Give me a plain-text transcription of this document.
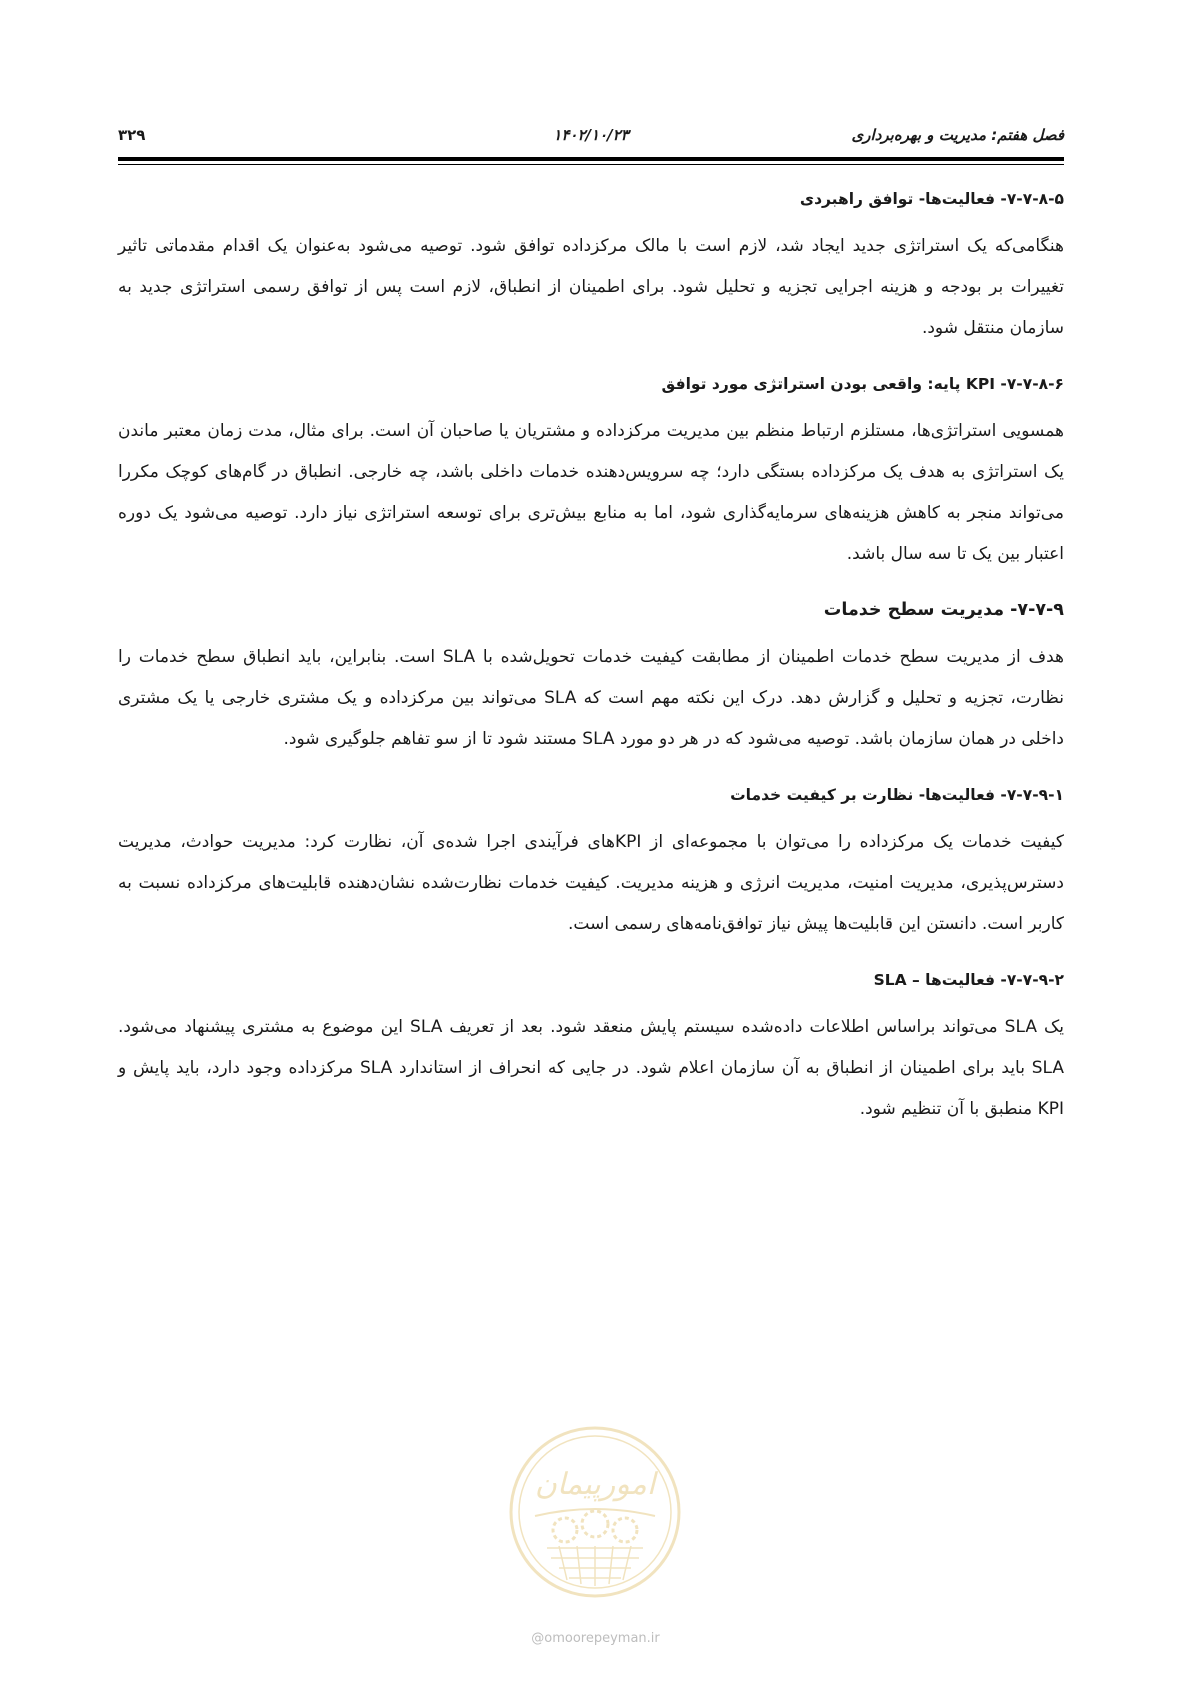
فصل هفتم: مدیریت و بهره‌برداری
۱۴۰۲/۱۰/۲۳
۳۲۹
۷-۷-۸-۵- فعالیت‌ها- توافق راهبردی

هنگامی‌که یک استراتژی جدید ایجاد شد، لازم است با مالک مرکزداده توافق شود. توصیه می‌شود به‌عنوان یک اقدام مقدماتی تاثیر تغییرات بر بودجه و هزینه اجرایی تجزیه و تحلیل شود. برای اطمینان از انطباق، لازم است پس از توافق رسمی استراتژی جدید به سازمان منتقل شود.

۷-۷-۸-۶- KPI پایه: واقعی بودن استراتژی مورد توافق

همسویی استراتژی‌ها، مستلزم ارتباط منظم بین مدیریت مرکزداده و مشتریان یا صاحبان آن است. برای مثال، مدت زمان معتبر ماندن یک استراتژی به هدف یک مرکزداده بستگی دارد؛ چه سرویس‌دهنده خدمات داخلی باشد، چه خارجی. انطباق در گام‌های کوچک مکررا می‌تواند منجر به کاهش هزینه‌های سرمایه‌گذاری شود، اما به منابع بیش‌تری برای توسعه استراتژی نیاز دارد. توصیه می‌شود یک دوره اعتبار بین یک تا سه سال باشد.

۷-۷-۹- مدیریت سطح خدمات

هدف از مدیریت سطح خدمات اطمینان از مطابقت کیفیت خدمات تحویل‌شده با SLA است. بنابراین، باید انطباق سطح خدمات را نظارت، تجزیه و تحلیل و گزارش دهد. درک این نکته مهم است که SLA می‌تواند بین مرکزداده و یک مشتری خارجی یا یک مشتری داخلی در همان سازمان باشد. توصیه می‌شود که در هر دو مورد SLA مستند شود تا از سو تفاهم جلوگیری شود.

۷-۷-۹-۱- فعالیت‌ها- نظارت بر کیفیت خدمات

کیفیت خدمات یک مرکزداده را می‌توان با مجموعه‌ای از KPIهای فرآیندی اجرا شده‌ی آن، نظارت کرد: مدیریت حوادث، مدیریت دسترس‌پذیری، مدیریت امنیت، مدیریت انرژی و هزینه مدیریت. کیفیت خدمات نظارت‌شده نشان‌دهنده قابلیت‌های مرکزداده نسبت به کاربر است. دانستن این قابلیت‌ها پیش نیاز توافق‌نامه‌های رسمی است.

۷-۷-۹-۲- فعالیت‌ها – SLA

یک SLA می‌تواند براساس اطلاعات داده‌شده سیستم پایش منعقد شود. بعد از تعریف SLA این موضوع به مشتری پیشنهاد می‌شود. SLA باید برای اطمینان از انطباق به آن سازمان اعلام شود. در جایی که انحراف از استاندارد SLA مرکزداده وجود دارد، باید پایش و KPI منطبق با آن تنظیم شود.

امورپیمان
@omoorepeyman.ir
